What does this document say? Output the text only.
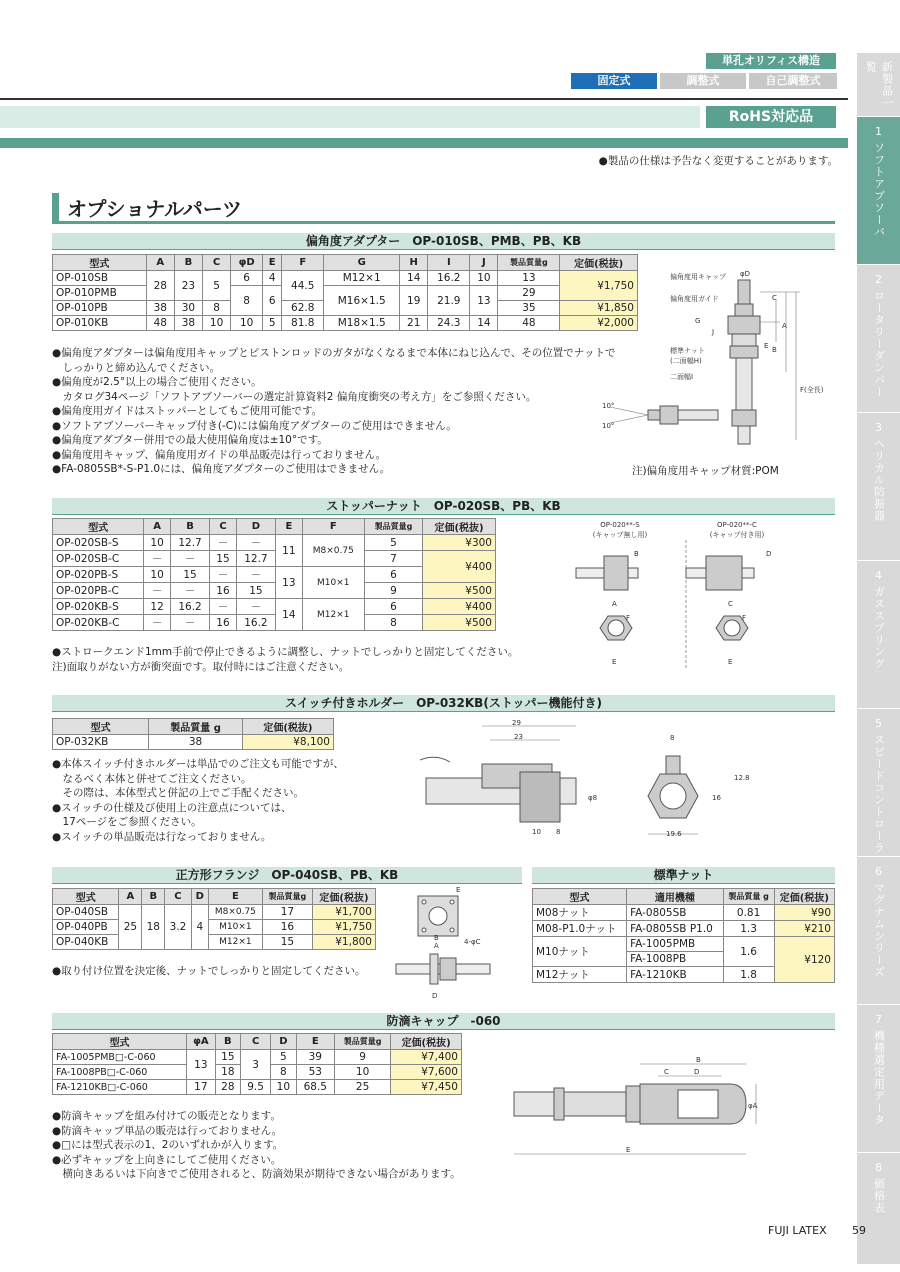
単孔オリフィス構造
固定式	調整式	自己調整式
RoHS対応品
●製品の仕様は予告なく変更することがあります。
新製品一覧
1
ソフトアブソーバ
2
ロータリーダンパー
3
ヘリカル防振器
4
ガススプリング
5
スピードコントローラ
6
マグナムシリーズ
7
機種選定用データ
8
価格表
オプショナルパーツ
偏角度アダプター　OP-010SB、PMB、PB、KB
型式	A	B	C	φD	E	F	G	H	I	J	製品質量g	定価(税抜)
OP-010SB	28	23	5	6	4	44.5	M12×1	14	16.2	10	13	¥1,750
OP-010PMB				8	6		M16×1.5	19	21.9	13	29	
OP-010PB	38	30	8			62.8					35	¥1,850
OP-010KB	48	38	10	10	5	81.8	M18×1.5	21	24.3	14	48	¥2,000
●偏角度アダプターは偏角度用キャップとピストンロッドのガタがなくなるまで本体にねじ込んで、その位置でナットで
　しっかりと締め込んでください。
●偏角度が2.5°以上の場合ご使用ください。
　カタログ34ページ「ソフトアブソーバーの選定計算資料2 偏角度衝突の考え方」をご参照ください。
●偏角度用ガイドはストッパーとしてもご使用可能です。
●ソフトアブソーバーキャップ付き(-C)には偏角度アダプターのご使用はできません。
●偏角度アダプター併用での最大使用偏角度は±10°です。
●偏角度用キャップ、偏角度用ガイドの単品販売は行っておりません。
●FA-0805SB*-S-P1.0には、偏角度アダプターのご使用はできません。
偏角度用キャップ
偏角度用ガイド
G
J
標準ナット
(二面幅H)
二面幅I
φD
C
E B
A
F(全長)
10°
10°
注)偏角度用キャップ材質:POM
ストッパーナット　OP-020SB、PB、KB
型式	A	B	C	D	E	F	製品質量g	定価(税抜)
OP-020SB-S	10	12.7	－	－	11	M8×0.75	5	¥300
OP-020SB-C	－	－	15	12.7			7	¥400
OP-020PB-S	10	15	－	－	13	M10×1	6	
OP-020PB-C	－	－	16	15			9	¥500
OP-020KB-S	12	16.2	－	－	14	M12×1	6	¥400
OP-020KB-C	－	－	16	16.2			8	¥500
●ストロークエンド1mm手前で停止できるように調整し、ナットでしっかりと固定してください。
注)面取りがない方が衝突面です。取付時にはご注意ください。
OP-020**-S
(キャップ無し用)
OP-020**-C
(キャップ付き用)
B	D
A	C
F	F
E	E
スイッチ付きホルダー　OP-032KB(ストッパー機能付き)
型式	製品質量 g	定価(税抜)
OP-032KB	38	¥8,100
●本体スイッチ付きホルダーは単品でのご注文も可能ですが、
　なるべく本体と併せてご注文ください。
　その際は、本体型式と併記の上でご手配ください。
●スイッチの仕様及び使用上の注意点については、
　17ページをご参照ください。
●スイッチの単品販売は行なっておりません。
29
23
φ8
10 8
8
16
12.8
19.6
正方形フランジ　OP-040SB、PB、KB
型式	A	B	C	D	E	製品質量g	定価(税抜)
OP-040SB	25	18	3.2	4	M8×0.75	17	¥1,700
OP-040PB					M10×1	16	¥1,750
OP-040KB					M12×1	15	¥1,800
●取り付け位置を決定後、ナットでしっかりと固定してください。
E
B
A	4-φC
D
標準ナット
型式	適用機種	製品質量 g	定価(税抜)
M08ナット	FA-0805SB	0.81	¥90
M08-P1.0ナット	FA-0805SB P1.0	1.3	¥210
M10ナット	FA-1005PMB	1.6	¥120
	FA-1008PB		
M12ナット	FA-1210KB	1.8	
防滴キャップ　-060
型式	φA	B	C	D	E	製品質量g	定価(税抜)
FA-1005PMB□-C-060	13	15	3	5	39	9	¥7,400
FA-1008PB□-C-060		18		8	53	10	¥7,600
FA-1210KB□-C-060	17	28	9.5	10	68.5	25	¥7,450
●防滴キャップを組み付けての販売となります。
●防滴キャップ単品の販売は行っておりません。
●□には型式表示の1、2のいずれかが入ります。
●必ずキャップを上向きにしてご使用ください。
　横向きあるいは下向きでご使用されると、防滴効果が期待できない場合があります。
B
C	D
φA
E
FUJI LATEX 59
